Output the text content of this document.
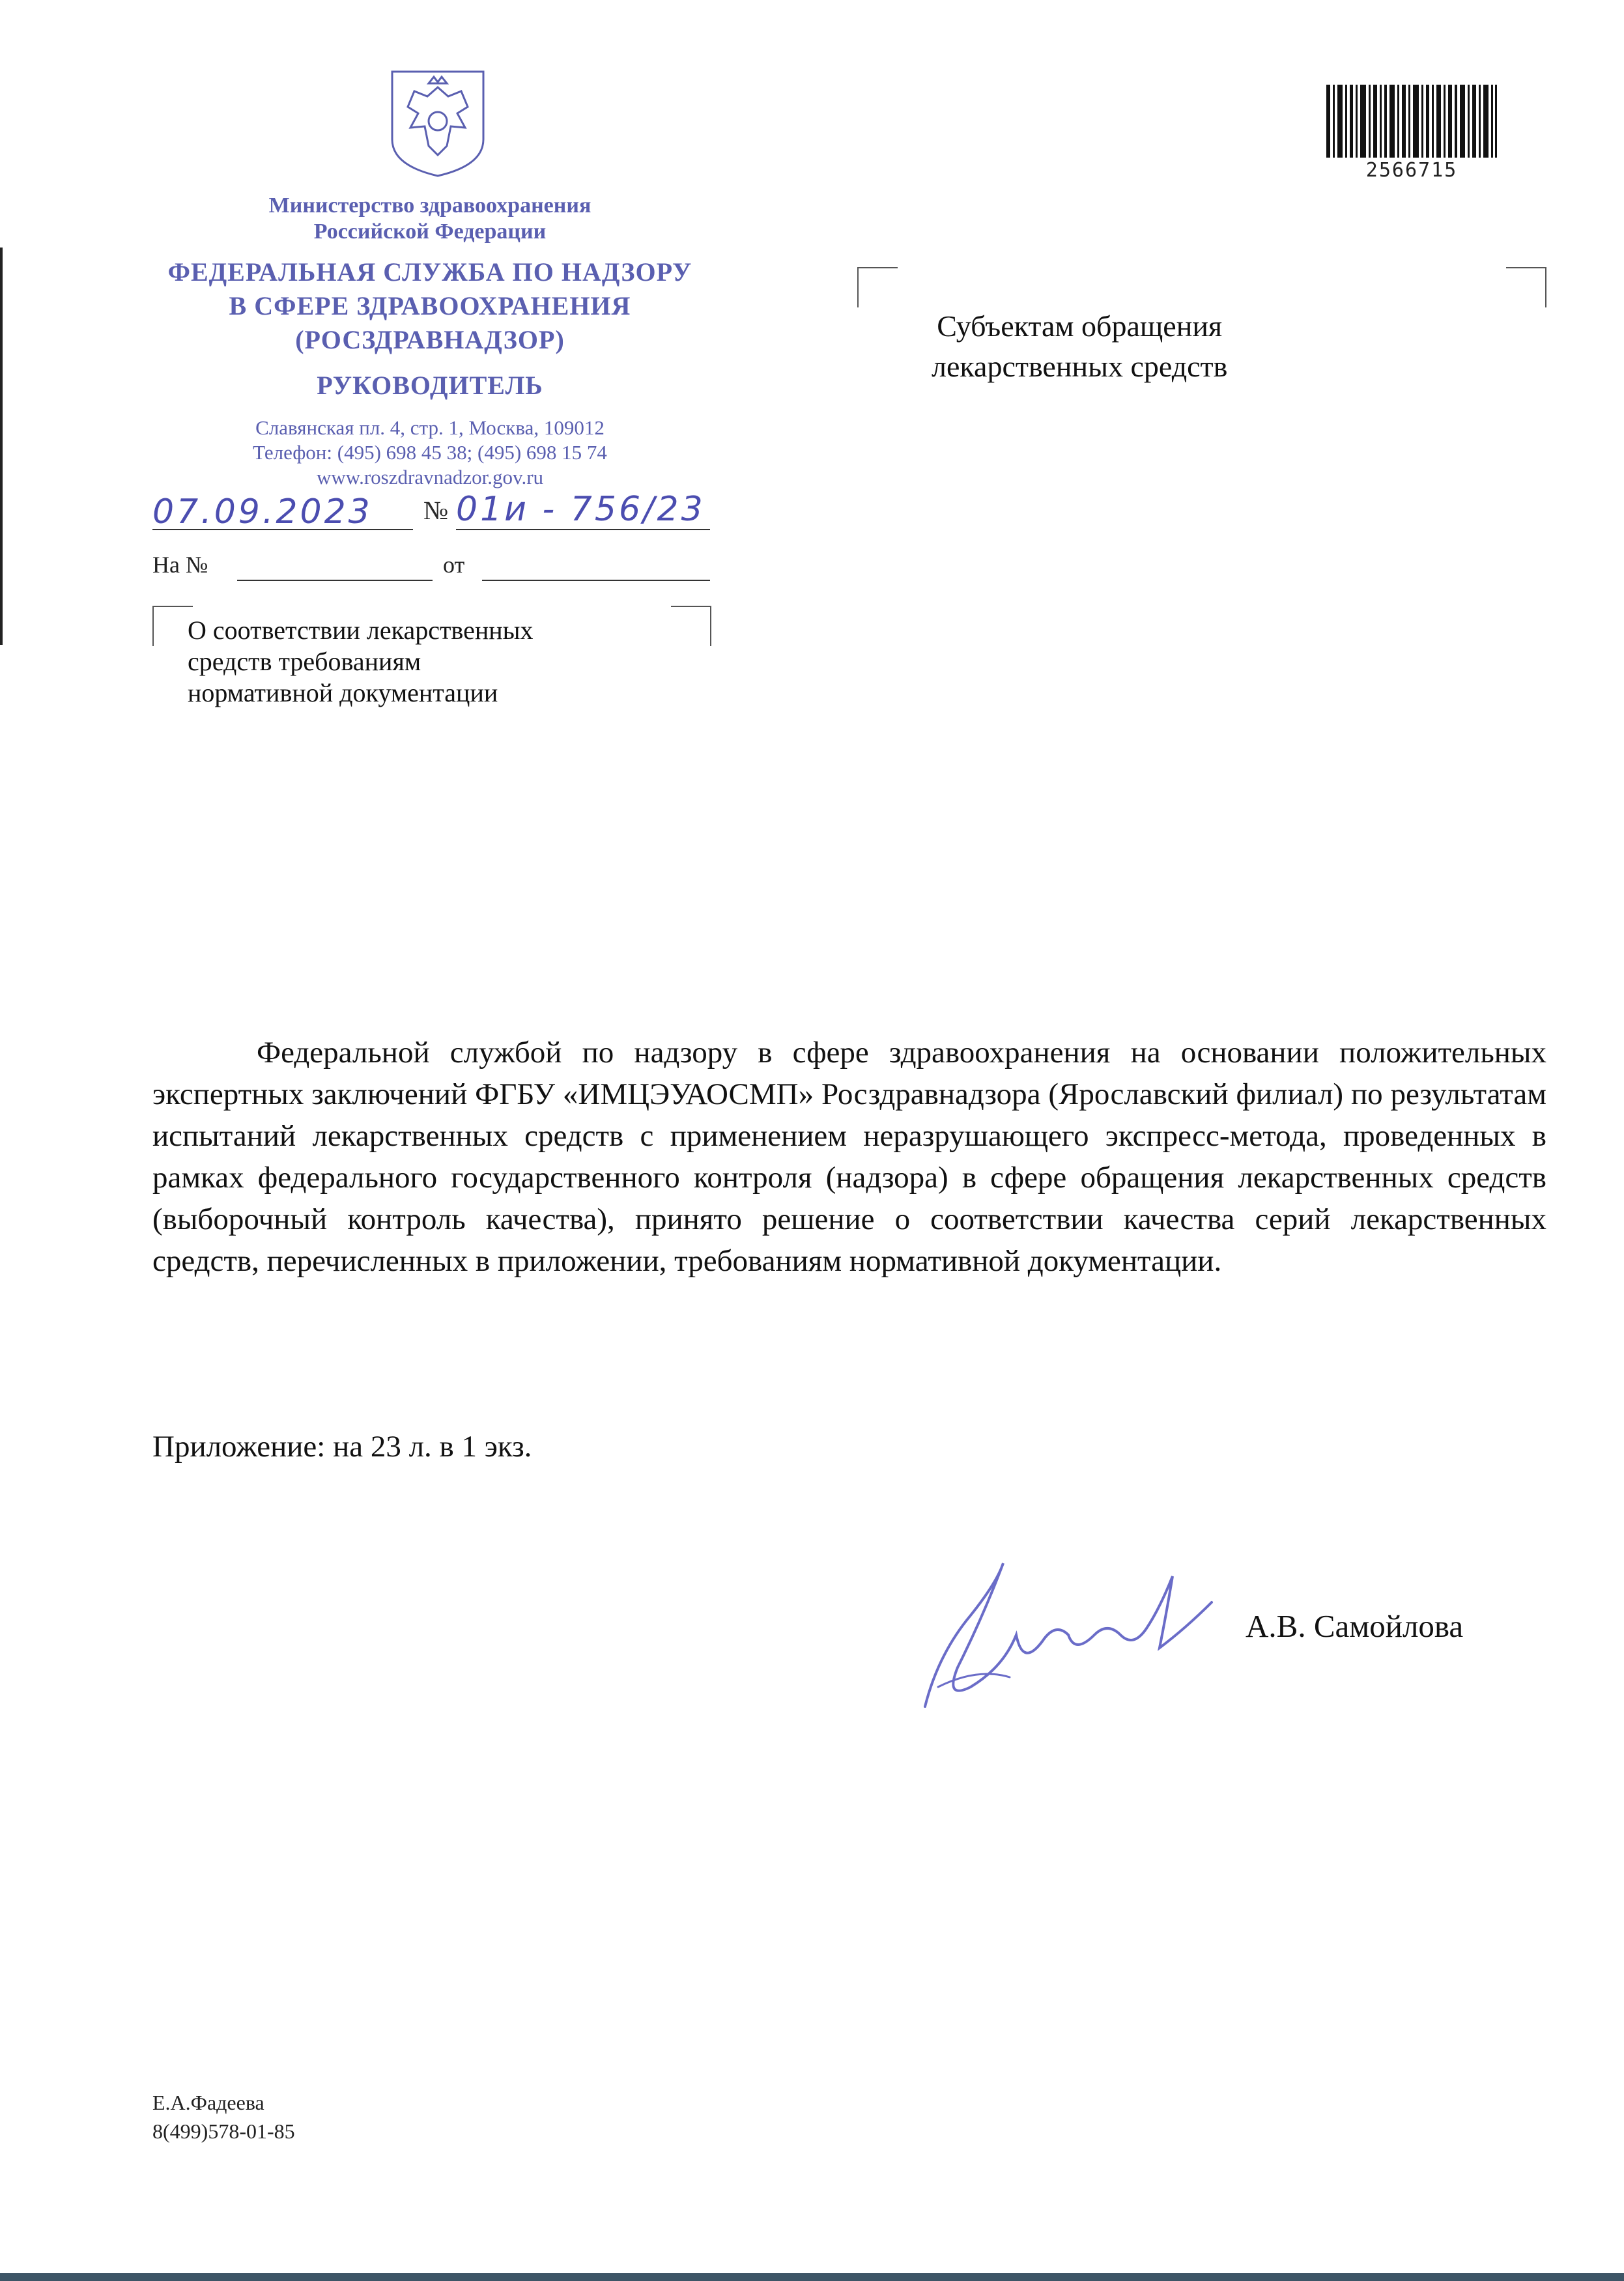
Министерство здравоохранения
Российской Федерации
ФЕДЕРАЛЬНАЯ СЛУЖБА ПО НАДЗОРУ
В СФЕРЕ ЗДРАВООХРАНЕНИЯ
(РОСЗДРАВНАДЗОР)
РУКОВОДИТЕЛЬ
Славянская пл. 4, стр. 1, Москва, 109012
Телефон: (495) 698 45 38; (495) 698 15 74
www.roszdravnadzor.gov.ru
07.09.2023 № 01и - 756/23
На №	от
О соответствии лекарственных
средств требованиям
нормативной документации
Субъектам обращения
лекарственных средств
2566715

Федеральной службой по надзору в сфере здравоохранения на основании положительных экспертных заключений ФГБУ «ИМЦЭУАОСМП» Росздравнадзора (Ярославский филиал) по результатам испытаний лекарственных средств с применением неразрушающего экспресс-метода, проведенных в рамках федерального государственного контроля (надзора) в сфере обращения лекарственных средств (выборочный контроль качества), принято решение о соответствии качества серий лекарственных средств, перечисленных в приложении, требованиям нормативной документации.

Приложение: на 23 л. в 1 экз.
А.В. Самойлова
Е.А.Фадеева
8(499)578-01-85
